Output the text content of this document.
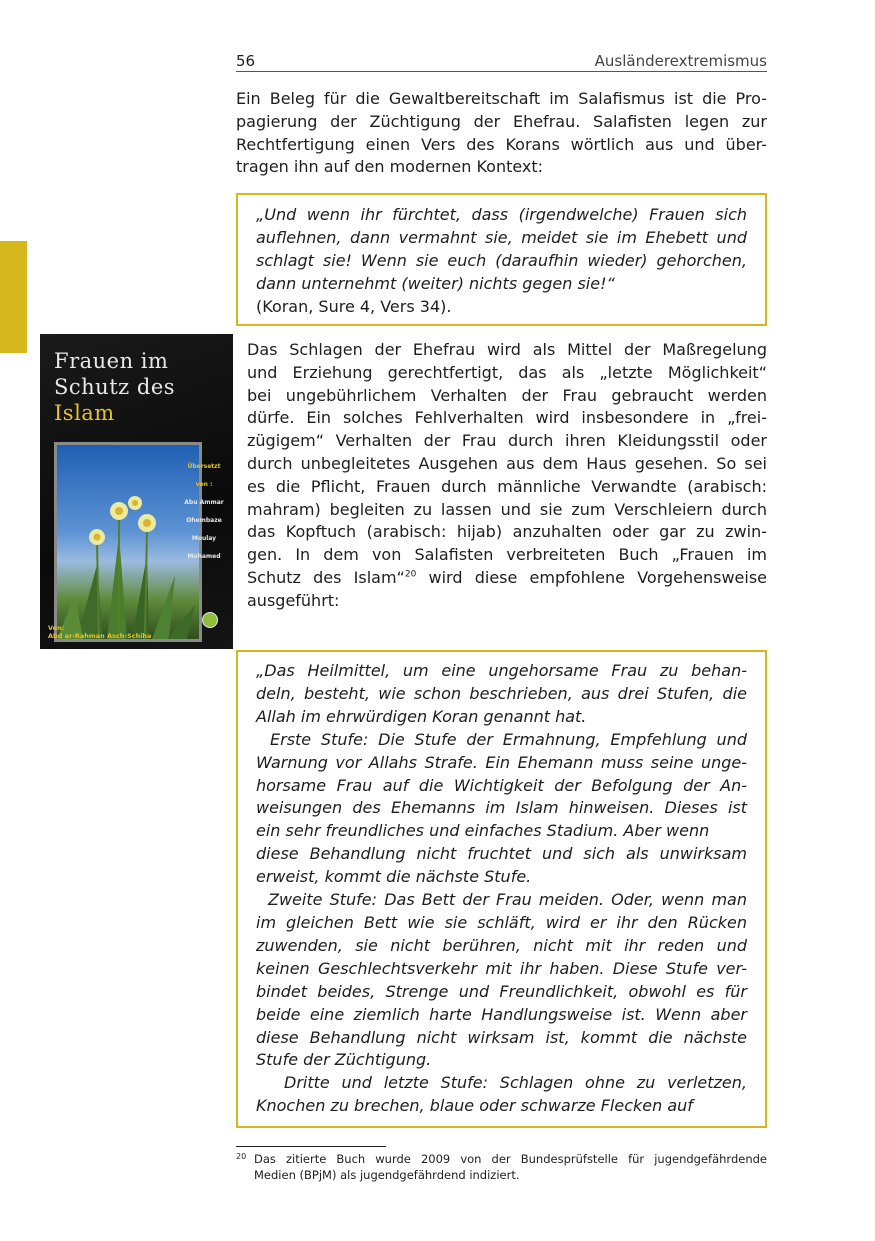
56	Ausländerextremismus
Ein Beleg für die Gewaltbereitschaft im Salafismus ist die Pro-
pagierung der Züchtigung der Ehefrau. Salafisten legen zur
Rechtfertigung einen Vers des Korans wörtlich aus und über-
tragen ihn auf den modernen Kontext:
„Und wenn ihr fürchtet, dass (irgendwelche) Frauen sich
auflehnen, dann vermahnt sie, meidet sie im Ehebett und
schlagt sie! Wenn sie euch (daraufhin wieder) gehorchen,
dann unternehmt (weiter) nichts gegen sie!“
(Koran, Sure 4, Vers 34).
Frauen im
Schutz des Islam
Übersetzt
von :
Abu Ammar
Ohembaze
Moulay
Mohamed
Von:
Abd ar-Rahman Asch-Schiha
Das Schlagen der Ehefrau wird als Mittel der Maßregelung
und Erziehung gerechtfertigt, das als „letzte Möglichkeit“
bei ungebührlichem Verhalten der Frau gebraucht werden
dürfe. Ein solches Fehlverhalten wird insbesondere in „frei-
zügigem“ Verhalten der Frau durch ihren Kleidungsstil oder
durch unbegleitetes Ausgehen aus dem Haus gesehen. So sei
es die Pflicht, Frauen durch männliche Verwandte (arabisch:
mahram) begleiten zu lassen und sie zum Verschleiern durch
das Kopftuch (arabisch: hijab) anzuhalten oder gar zu zwin-
gen. In dem von Salafisten verbreiteten Buch „Frauen im
Schutz des Islam“$^{20}$ wird diese empfohlene Vorgehensweise
ausgeführt:
„Das Heilmittel, um eine ungehorsame Frau zu behan-
deln, besteht, wie schon beschrieben, aus drei Stufen, die
Allah im ehrwürdigen Koran genannt hat.
Erste Stufe: Die Stufe der Ermahnung, Empfehlung und
Warnung vor Allahs Strafe. Ein Ehemann muss seine unge-
horsame Frau auf die Wichtigkeit der Befolgung der An-
weisungen des Ehemanns im Islam hinweisen. Dieses ist
ein sehr freundliches und einfaches Stadium. Aber wenn
diese Behandlung nicht fruchtet und sich als unwirksam
erweist, kommt die nächste Stufe.
Zweite Stufe: Das Bett der Frau meiden. Oder, wenn man
im gleichen Bett wie sie schläft, wird er ihr den Rücken
zuwenden, sie nicht berühren, nicht mit ihr reden und
keinen Geschlechtsverkehr mit ihr haben. Diese Stufe ver-
bindet beides, Strenge und Freundlichkeit, obwohl es für
beide eine ziemlich harte Handlungsweise ist. Wenn aber
diese Behandlung nicht wirksam ist, kommt die nächste
Stufe der Züchtigung.
Dritte und letzte Stufe: Schlagen ohne zu verletzen,
Knochen zu brechen, blaue oder schwarze Flecken auf
20 Das zitierte Buch wurde 2009 von der Bundesprüfstelle für jugendgefährdende
Medien (BPjM) als jugendgefährdend indiziert.
